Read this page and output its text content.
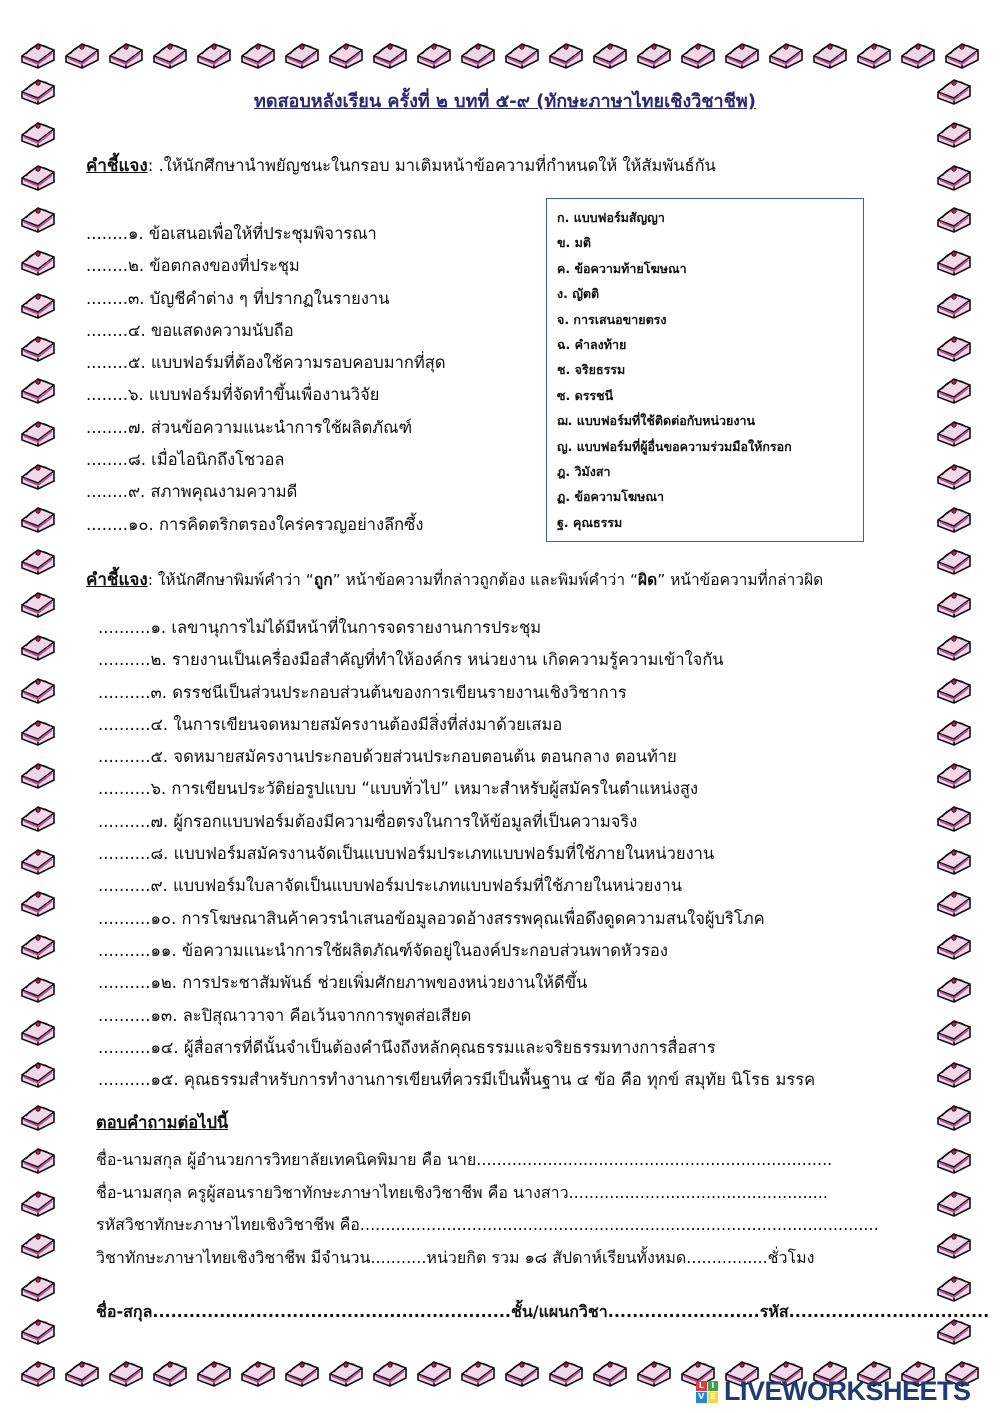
ทดสอบหลังเรียน ครั้งที่ ๒ บทที่ ๕-๙ (ทักษะภาษาไทยเชิงวิชาชีพ)
คำชี้แจง: .ให้นักศึกษานำพยัญชนะในกรอบ มาเติมหน้าข้อความที่กำหนดให้ ให้สัมพันธ์กัน
........๑. ข้อเสนอเพื่อให้ที่ประชุมพิจารณา
........๒. ข้อตกลงของที่ประชุม
........๓. บัญชีคำต่าง ๆ ที่ปรากฏในรายงาน
........๔. ขอแสดงความนับถือ
........๕. แบบฟอร์มที่ต้องใช้ความรอบคอบมากที่สุด
........๖. แบบฟอร์มที่จัดทำขึ้นเพื่องานวิจัย
........๗. ส่วนข้อความแนะนำการใช้ผลิตภัณฑ์
........๘. เมื่อไอนิกถึงโชวอล
........๙. สภาพคุณงามความดี
........๑๐. การคิดตริกตรองใคร่ครวญอย่างลึกซึ้ง
ก. แบบฟอร์มสัญญา
ข. มติ
ค. ข้อความท้ายโฆษณา
ง. ญัตติ
จ. การเสนอขายตรง
ฉ. คำลงท้าย
ช. จริยธรรม
ซ. ดรรชนี
ฌ. แบบฟอร์มที่ใช้ติดต่อกับหน่วยงาน
ญ. แบบฟอร์มที่ผู้อื่นขอความร่วมมือให้กรอก
ฎ. วิมังสา
ฏ. ข้อความโฆษณา
ฐ. คุณธรรม
คำชี้แจง: ให้นักศึกษาพิมพ์คำว่า “ถูก” หน้าข้อความที่กล่าวถูกต้อง และพิมพ์คำว่า “ผิด” หน้าข้อความที่กล่าวผิด
..........๑. เลขานุการไม่ได้มีหน้าที่ในการจดรายงานการประชุม
..........๒. รายงานเป็นเครื่องมือสำคัญที่ทำให้องค์กร หน่วยงาน เกิดความรู้ความเข้าใจกัน
..........๓. ดรรชนีเป็นส่วนประกอบส่วนต้นของการเขียนรายงานเชิงวิชาการ
..........๔. ในการเขียนจดหมายสมัครงานต้องมีสิ่งที่ส่งมาด้วยเสมอ
..........๕. จดหมายสมัครงานประกอบด้วยส่วนประกอบตอนต้น ตอนกลาง ตอนท้าย
..........๖. การเขียนประวัติย่อรูปแบบ “แบบทั่วไป” เหมาะสำหรับผู้สมัครในตำแหน่งสูง
..........๗. ผู้กรอกแบบฟอร์มต้องมีความซื่อตรงในการให้ข้อมูลที่เป็นความจริง
..........๘. แบบฟอร์มสมัครงานจัดเป็นแบบฟอร์มประเภทแบบฟอร์มที่ใช้ภายในหน่วยงาน
..........๙. แบบฟอร์มใบลาจัดเป็นแบบฟอร์มประเภทแบบฟอร์มที่ใช้ภายในหน่วยงาน
..........๑๐. การโฆษณาสินค้าควรนำเสนอข้อมูลอวดอ้างสรรพคุณเพื่อดึงดูดความสนใจผู้บริโภค
..........๑๑. ข้อความแนะนำการใช้ผลิตภัณฑ์จัดอยู่ในองค์ประกอบส่วนพาดหัวรอง
..........๑๒. การประชาสัมพันธ์ ช่วยเพิ่มศักยภาพของหน่วยงานให้ดีขึ้น
..........๑๓. ละปิสุณาวาจา คือเว้นจากการพูดส่อเสียด
..........๑๔. ผู้สื่อสารที่ดีนั้นจำเป็นต้องคำนึงถึงหลักคุณธรรมและจริยธรรมทางการสื่อสาร
..........๑๕. คุณธรรมสำหรับการทำงานการเขียนที่ควรมีเป็นพื้นฐาน ๔ ข้อ คือ ทุกข์ สมุทัย นิโรธ มรรค
ตอบคำถามต่อไปนี้
ชื่อ-นามสกุล ผู้อำนวยการวิทยาลัยเทคนิคพิมาย คือ นาย......................................................................
ชื่อ-นามสกุล ครูผู้สอนรายวิชาทักษะภาษาไทยเชิงวิชาชีพ คือ นางสาว...................................................
รหัสวิชาทักษะภาษาไทยเชิงวิชาชีพ คือ......................................................................................................
วิชาทักษะภาษาไทยเชิงวิชาชีพ มีจำนวน...........หน่วยกิต รวม ๑๘ สัปดาห์เรียนทั้งหมด................ชั่วโมง
ชื่อ-สกุล...........................................................ชั้น/แผนกวิชา.........................รหัส.................................
L I
V E LIVEWORKSHEETS
